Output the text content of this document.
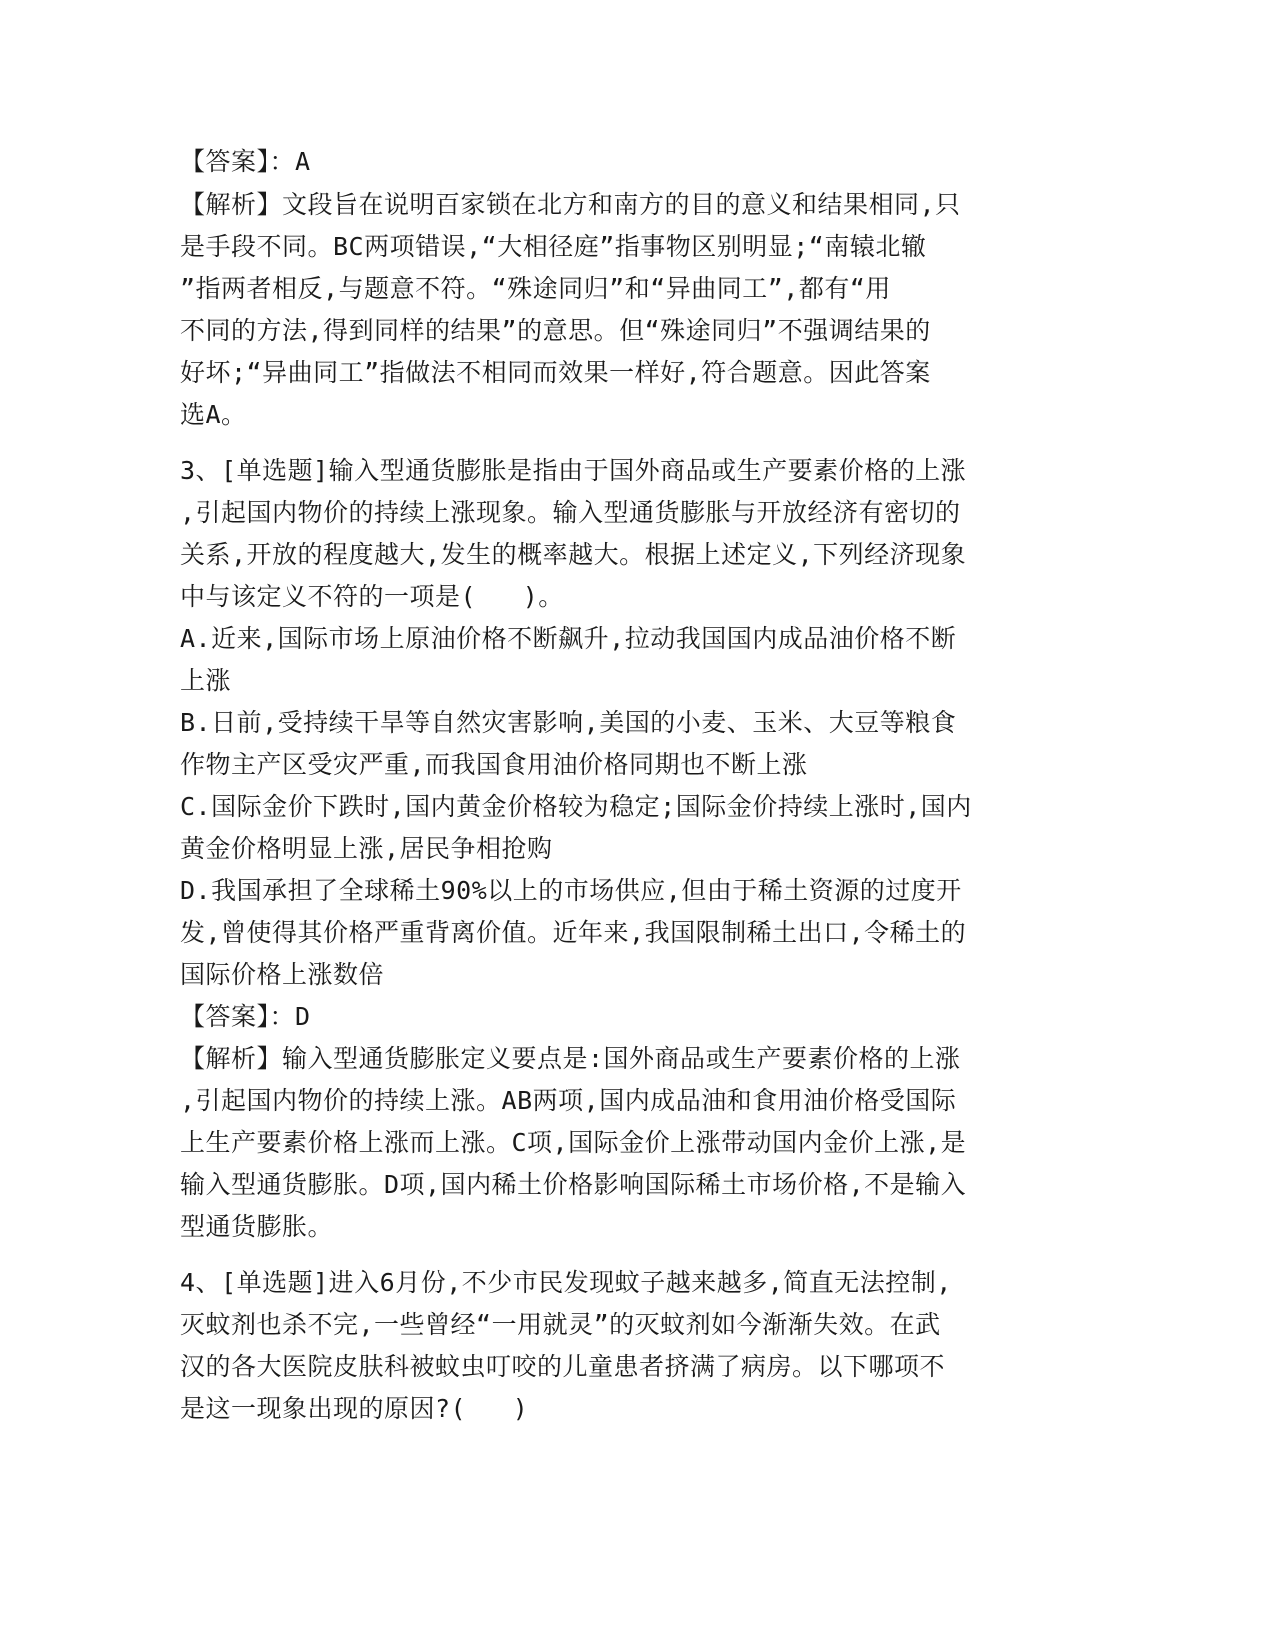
【答案】：A
【解析】文段旨在说明百家锁在北方和南方的目的意义和结果相同,只
是手段不同。BC两项错误,“大相径庭”指事物区别明显;“南辕北辙
”指两者相反,与题意不符。“殊途同归”和“异曲同工”,都有“用
不同的方法,得到同样的结果”的意思。但“殊途同归”不强调结果的
好坏;“异曲同工”指做法不相同而效果一样好,符合题意。因此答案
选A。
3、[单选题]输入型通货膨胀是指由于国外商品或生产要素价格的上涨
,引起国内物价的持续上涨现象。输入型通货膨胀与开放经济有密切的
关系,开放的程度越大,发生的概率越大。根据上述定义,下列经济现象
中与该定义不符的一项是(   )。
A.近来,国际市场上原油价格不断飙升,拉动我国国内成品油价格不断
上涨
B.日前,受持续干旱等自然灾害影响,美国的小麦、玉米、大豆等粮食
作物主产区受灾严重,而我国食用油价格同期也不断上涨
C.国际金价下跌时,国内黄金价格较为稳定;国际金价持续上涨时,国内
黄金价格明显上涨,居民争相抢购
D.我国承担了全球稀土90%以上的市场供应,但由于稀土资源的过度开
发,曾使得其价格严重背离价值。近年来,我国限制稀土出口,令稀土的
国际价格上涨数倍
【答案】：D
【解析】输入型通货膨胀定义要点是:国外商品或生产要素价格的上涨
,引起国内物价的持续上涨。AB两项,国内成品油和食用油价格受国际
上生产要素价格上涨而上涨。C项,国际金价上涨带动国内金价上涨,是
输入型通货膨胀。D项,国内稀土价格影响国际稀土市场价格,不是输入
型通货膨胀。
4、[单选题]进入6月份,不少市民发现蚊子越来越多,简直无法控制,
灭蚊剂也杀不完,一些曾经“一用就灵”的灭蚊剂如今渐渐失效。在武
汉的各大医院皮肤科被蚊虫叮咬的儿童患者挤满了病房。以下哪项不
是这一现象出现的原因?(   )
